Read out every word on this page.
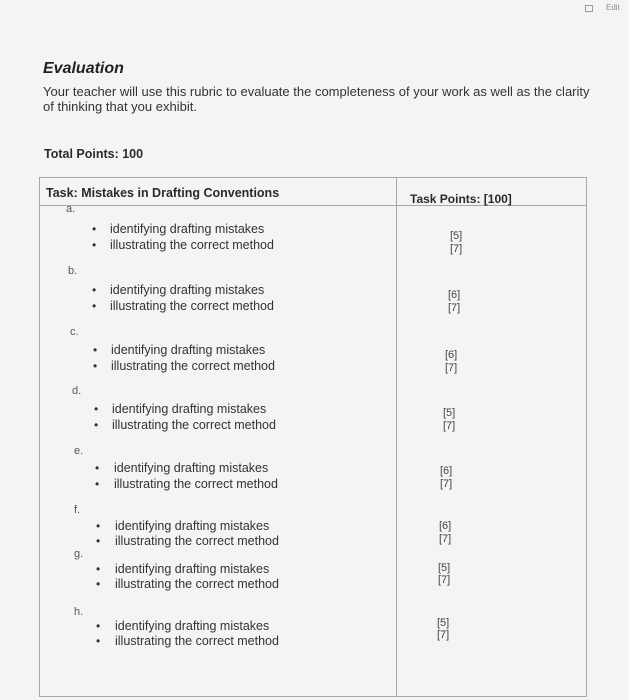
Edit
Evaluation
Your teacher will use this rubric to evaluate the completeness of your work as well as the clarity of thinking that you exhibit.
Total Points: 100
Task: Mistakes in Drafting Conventions	Task Points: [100]
a.
• identifying drafting mistakes
• illustrating the correct method
[5]
[7]
b.
• identifying drafting mistakes
• illustrating the correct method
[6]
[7]
c.
• identifying drafting mistakes
• illustrating the correct method
[6]
[7]
d.
• identifying drafting mistakes
• illustrating the correct method
[5]
[7]
e.
• identifying drafting mistakes
• illustrating the correct method
[6]
[7]
f.
• identifying drafting mistakes
• illustrating the correct method
[6]
[7]
g.
• identifying drafting mistakes
• illustrating the correct method
[5]
[7]
h.
• identifying drafting mistakes
• illustrating the correct method
[5]
[7]
